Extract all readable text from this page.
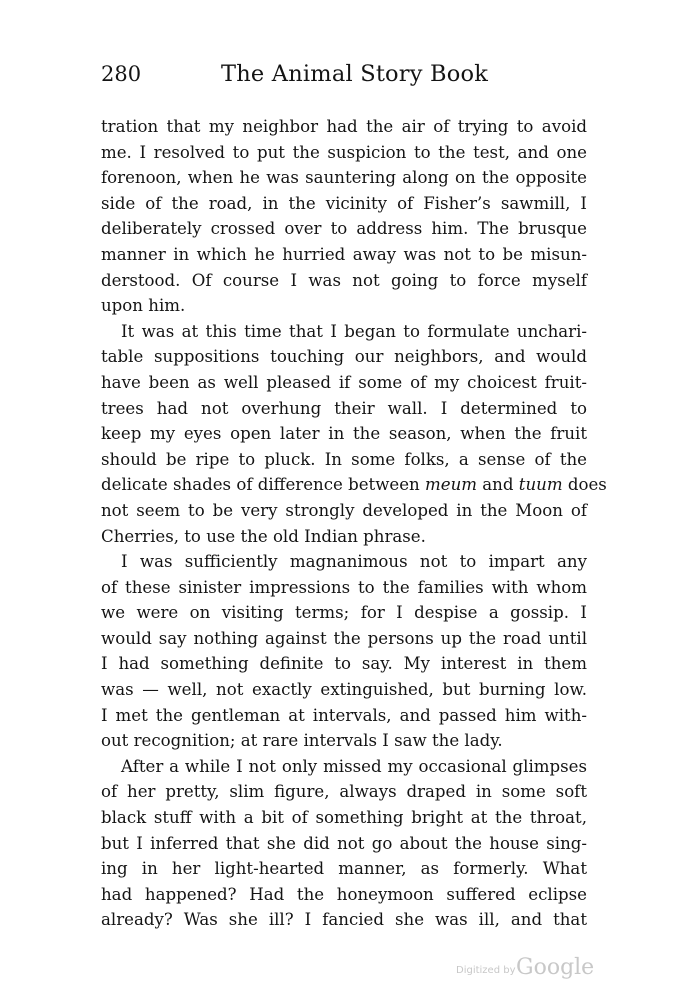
280	The Animal Story Book
tration that my neighbor had the air of trying to avoid
me. I resolved to put the suspicion to the test, and one
forenoon, when he was sauntering along on the opposite
side of the road, in the vicinity of Fisher’s sawmill, I
deliberately crossed over to address him. The brusque
manner in which he hurried away was not to be misun-
derstood. Of course I was not going to force myself
upon him.
It was at this time that I began to formulate unchari-
table suppositions touching our neighbors, and would
have been as well pleased if some of my choicest fruit-
trees had not overhung their wall. I determined to
keep my eyes open later in the season, when the fruit
should be ripe to pluck. In some folks, a sense of the
delicate shades of difference between meum and tuum does
not seem to be very strongly developed in the Moon of
Cherries, to use the old Indian phrase.
I was sufficiently magnanimous not to impart any
of these sinister impressions to the families with whom
we were on visiting terms; for I despise a gossip. I
would say nothing against the persons up the road until
I had something definite to say. My interest in them
was — well, not exactly extinguished, but burning low.
I met the gentleman at intervals, and passed him with-
out recognition; at rare intervals I saw the lady.
After a while I not only missed my occasional glimpses
of her pretty, slim figure, always draped in some soft
black stuff with a bit of something bright at the throat,
but I inferred that she did not go about the house sing-
ing in her light-hearted manner, as formerly. What
had happened? Had the honeymoon suffered eclipse
already? Was she ill? I fancied she was ill, and that
Digitized by Google
